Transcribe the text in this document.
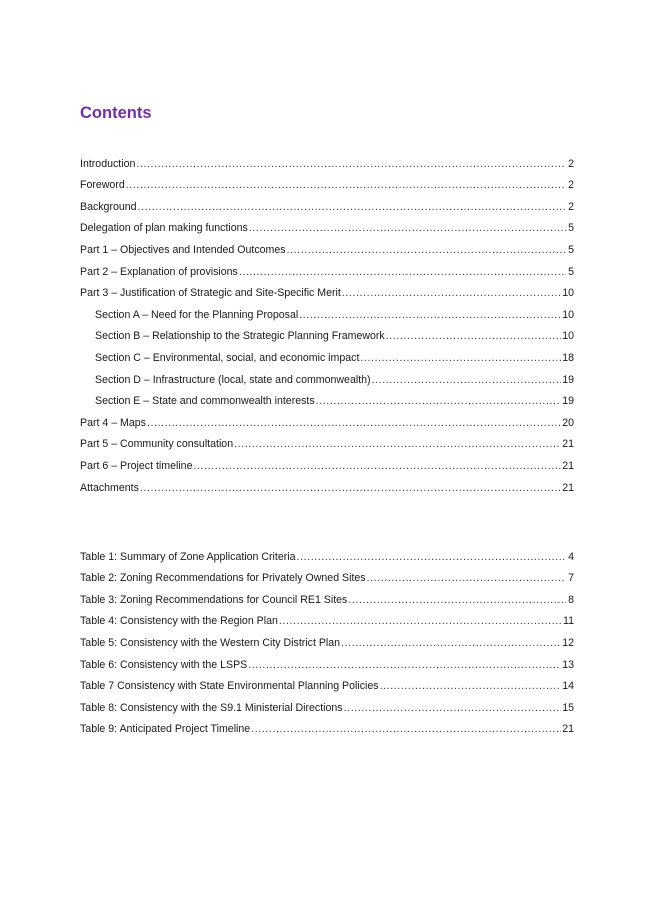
Contents
Introduction .....	2
Foreword .....	2
Background .....	2
Delegation of plan making functions .....	5
Part 1 – Objectives and Intended Outcomes .....	5
Part 2 – Explanation of provisions .....	5
Part 3 – Justification of Strategic and Site-Specific Merit .....	10
Section A – Need for the Planning Proposal .....	10
Section B – Relationship to the Strategic Planning Framework .....	10
Section C – Environmental, social, and economic impact .....	18
Section D – Infrastructure (local, state and commonwealth) .....	19
Section E – State and commonwealth interests .....	19
Part 4 – Maps .....	20
Part 5 – Community consultation .....	21
Part 6 – Project timeline .....	21
Attachments .....	21
Table 1: Summary of Zone Application Criteria .....	4
Table 2: Zoning Recommendations for Privately Owned Sites .....	7
Table 3: Zoning Recommendations for Council RE1 Sites .....	8
Table 4: Consistency with the Region Plan .....	11
Table 5: Consistency with the Western City District Plan .....	12
Table 6: Consistency with the LSPS .....	13
Table 7 Consistency with State Environmental Planning Policies .....	14
Table 8: Consistency with the S9.1 Ministerial Directions .....	15
Table 9: Anticipated Project Timeline .....	21
